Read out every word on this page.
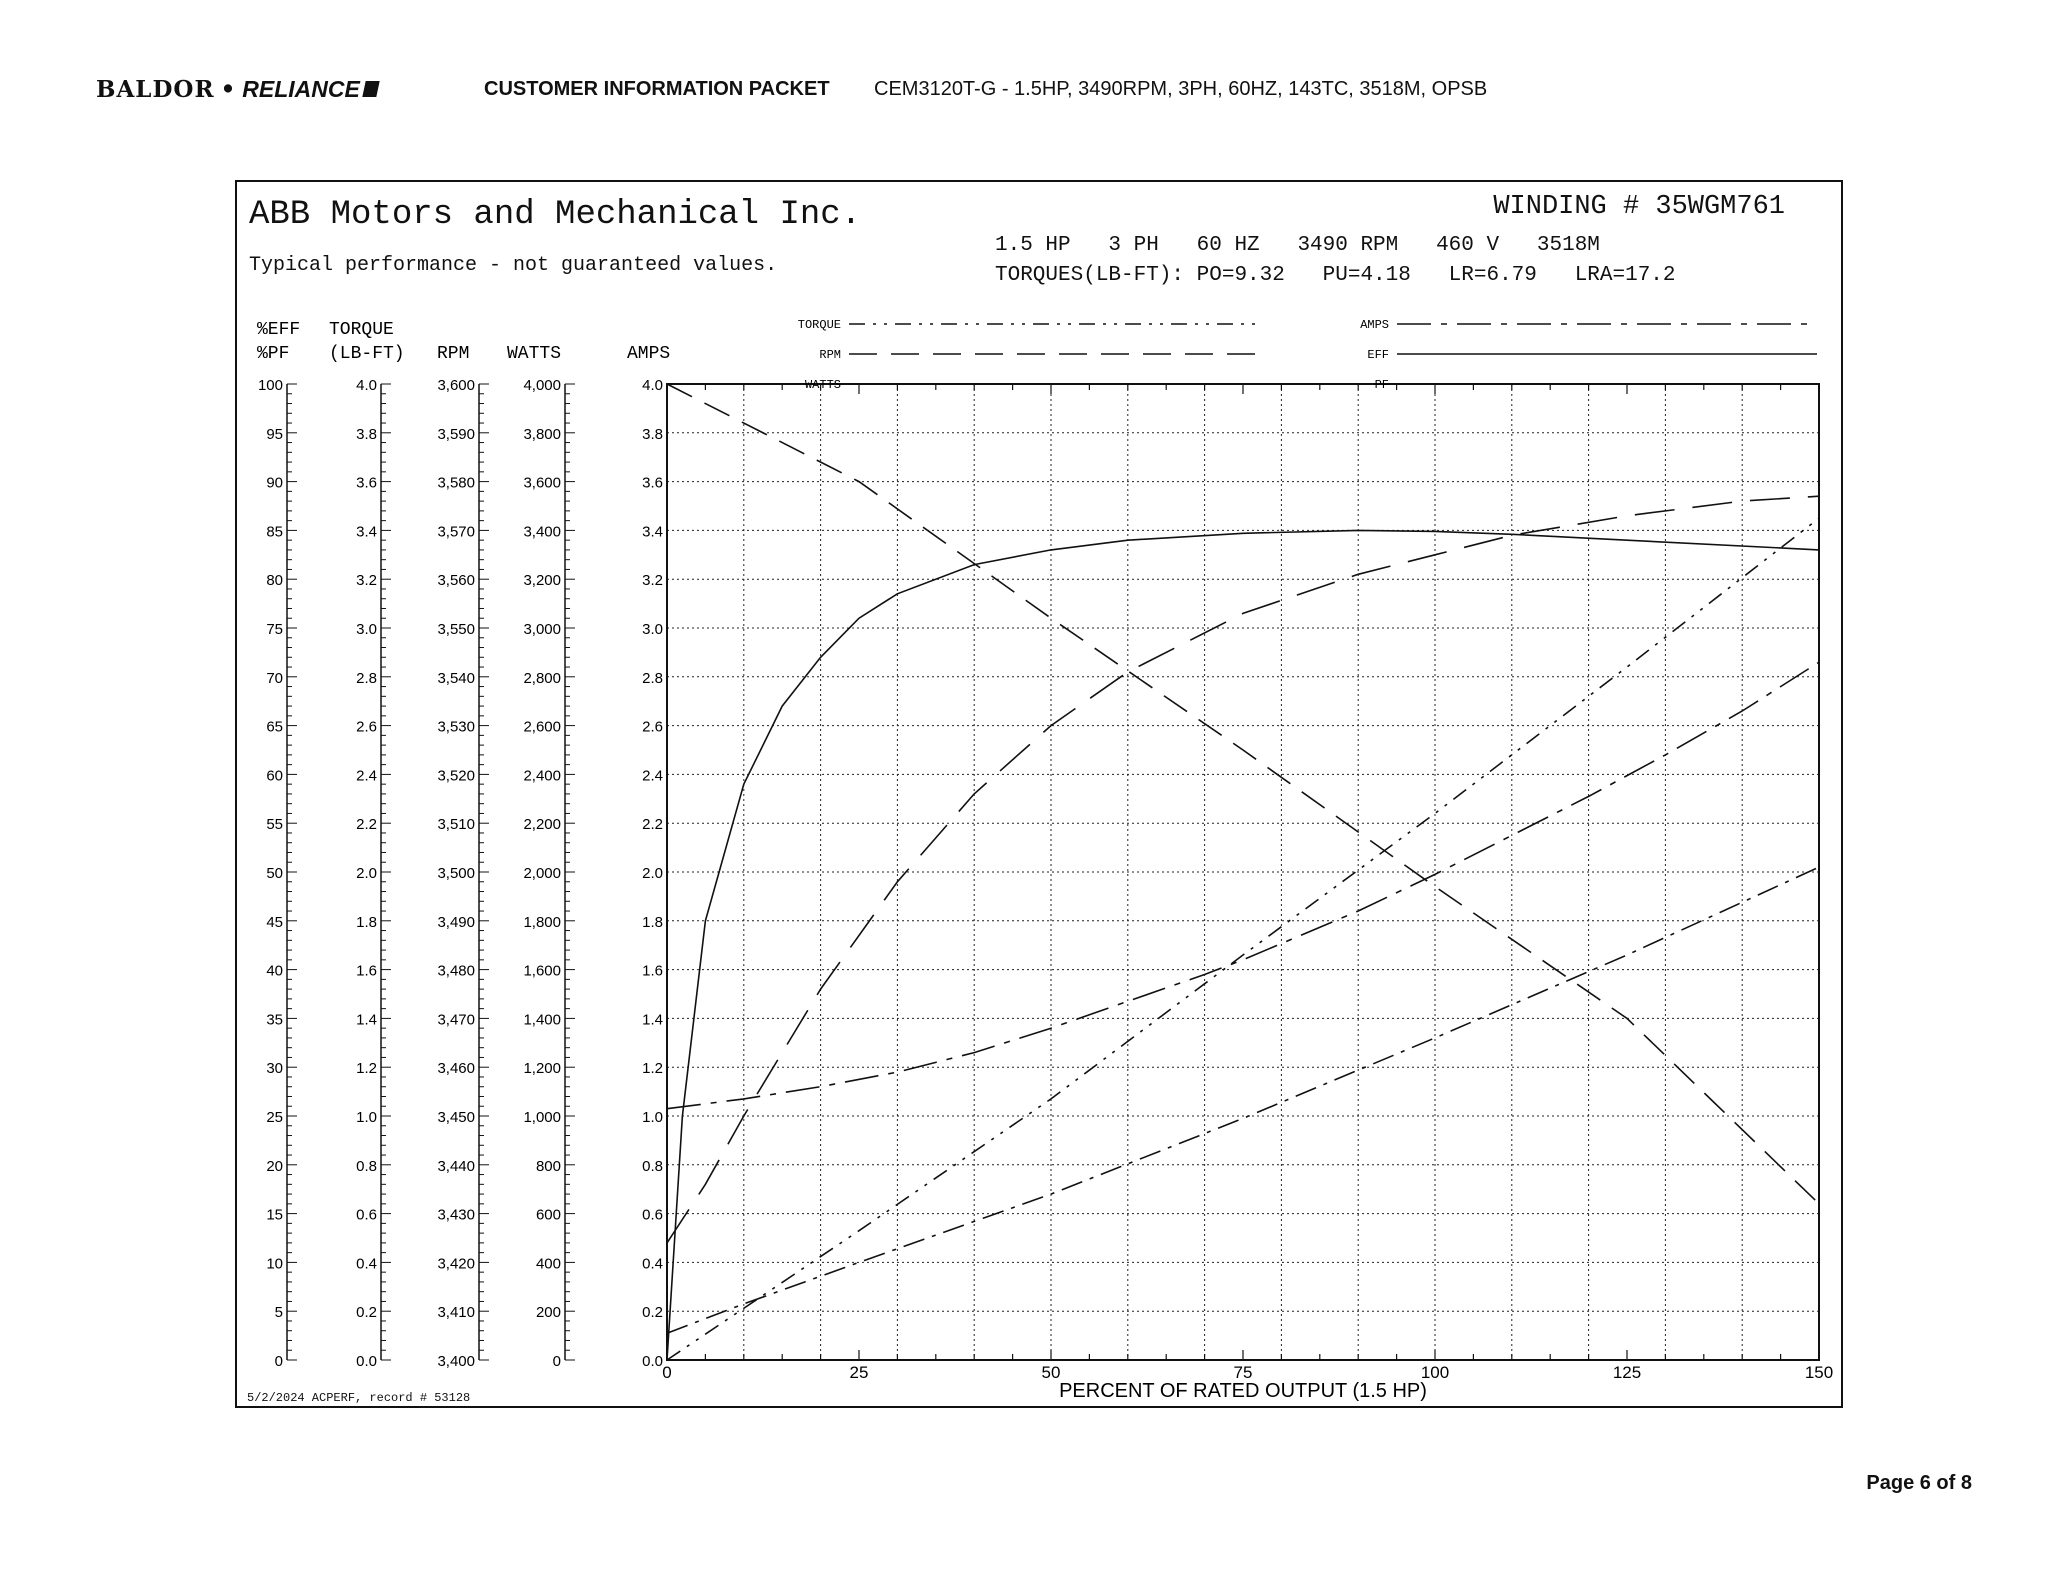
BALDOR • RELIANCE	CUSTOMER INFORMATION PACKET CEM3120T-G - 1.5HP, 3490RPM, 3PH, 60HZ, 143TC, 3518M, OPSB
0	25	50	75	100	125	150
PERCENT OF RATED OUTPUT (1.5 HP)
0
5
10
15
20
25
30
35
40
45
50
55
60
65
70
75
80
85
90
95
100
%EFF
%PF
0.0
0.2
0.4
0.6
0.8
1.0
1.2
1.4
1.6
1.8
2.0
2.2
2.4
2.6
2.8
3.0
3.2
3.4
3.6
3.8
4.0
TORQUE
(LB-FT)
3,400
3,410
3,420
3,430
3,440
3,450
3,460
3,470
3,480
3,490
3,500
3,510
3,520
3,530
3,540
3,550
3,560
3,570
3,580
3,590
3,600
RPM
0
200
400
600
800
1,000
1,200
1,400
1,600
1,800
2,000
2,200
2,400
2,600
2,800
3,000
3,200
3,400
3,600
3,800
4,000
WATTS
0.0
0.2
0.4
0.6
0.8
1.0
1.2
1.4
1.6
1.8
2.0
2.2
2.4
2.6
2.8
3.0
3.2
3.4
3.6
3.8
4.0
AMPS
TORQUE
RPM
WATTS
AMPS
EFF
PF
ABB Motors and Mechanical Inc.
Typical performance - not guaranteed values.
WINDING # 35WGM761
1.5 HP   3 PH   60 HZ   3490 RPM   460 V   3518M
TORQUES(LB-FT): PO=9.32   PU=4.18   LR=6.79   LRA=17.2
5/2/2024 ACPERF, record # 53128
Page 6 of 8
